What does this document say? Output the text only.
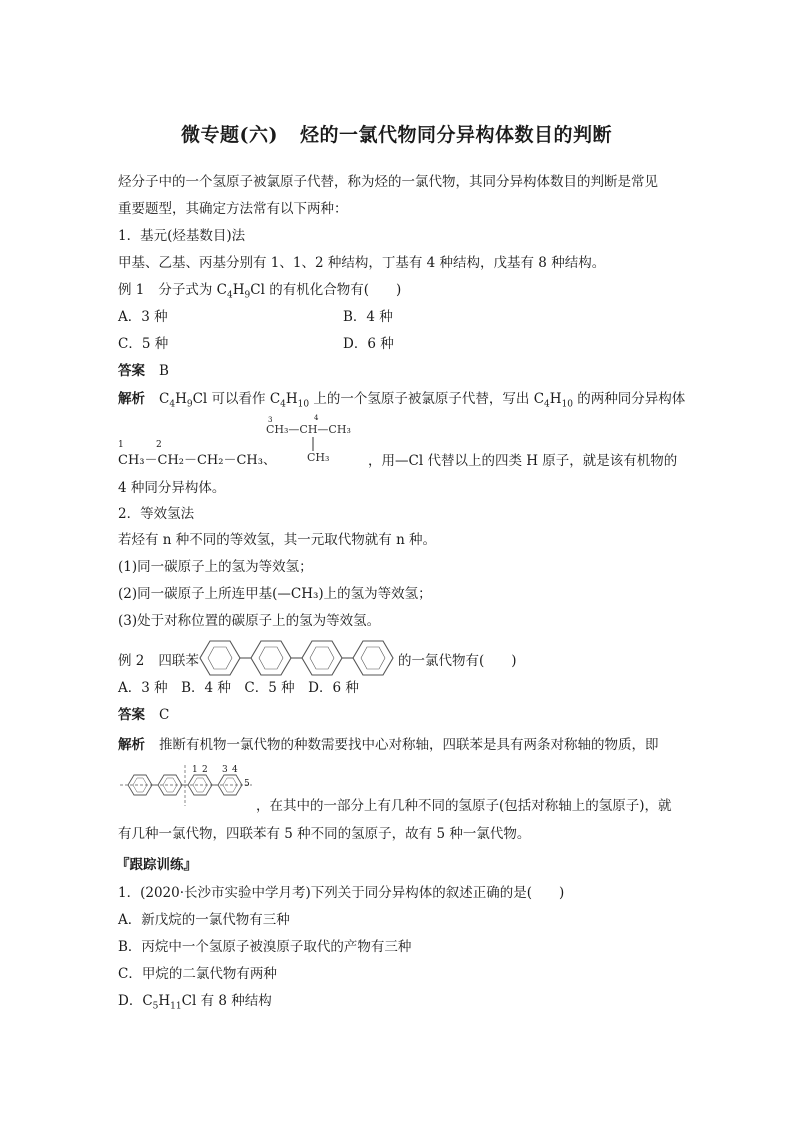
微专题(六) 烃的一氯代物同分异构体数目的判断
烃分子中的一个氢原子被氯原子代替，称为烃的一氯代物，其同分异构体数目的判断是常见
重要题型，其确定方法常有以下两种：
1．基元(烃基数目)法
甲基、乙基、丙基分别有 1、1、2 种结构，丁基有 4 种结构，戊基有 8 种结构。
例 1 分子式为 $C_4H_9Cl$ 的有机化合物有(　　)
A．3 种	B．4 种
C．5 种	D．6 种
答案 B
解析 $C_4H_9Cl$ 可以看作 $C_4H_{10}$ 上的一个氢原子被氯原子代替，写出 $C_4H_{10}$ 的两种同分异构体
1	2
CH₃－CH₂－CH₂－CH₃、
3	4
CH₃—CH—CH₃
CH₃	，用—Cl 代替以上的四类 H 原子，就是该有机物的
4 种同分异构体。
2．等效氢法
若烃有 n 种不同的等效氢，其一元取代物就有 n 种。
(1)同一碳原子上的氢为等效氢；
(2)同一碳原子上所连甲基(—CH₃)上的氢为等效氢；
(3)处于对称位置的碳原子上的氢为等效氢。
例 2 四联苯	的一氯代物有(　　)
A．3 种　B．4 种　C．5 种　D．6 种
答案 C
解析 推断有机物一氯代物的种数需要找中心对称轴，四联苯是具有两条对称轴的物质，即
1 2 3 4
5
，在其中的一部分上有几种不同的氢原子(包括对称轴上的氢原子)，就
有几种一氯代物，四联苯有 5 种不同的氢原子，故有 5 种一氯代物。
『跟踪训练』
1．(2020·长沙市实验中学月考)下列关于同分异构体的叙述正确的是(　　)
A．新戊烷的一氯代物有三种
B．丙烷中一个氢原子被溴原子取代的产物有三种
C．甲烷的二氯代物有两种
D．$C_5H_{11}Cl$ 有 8 种结构
